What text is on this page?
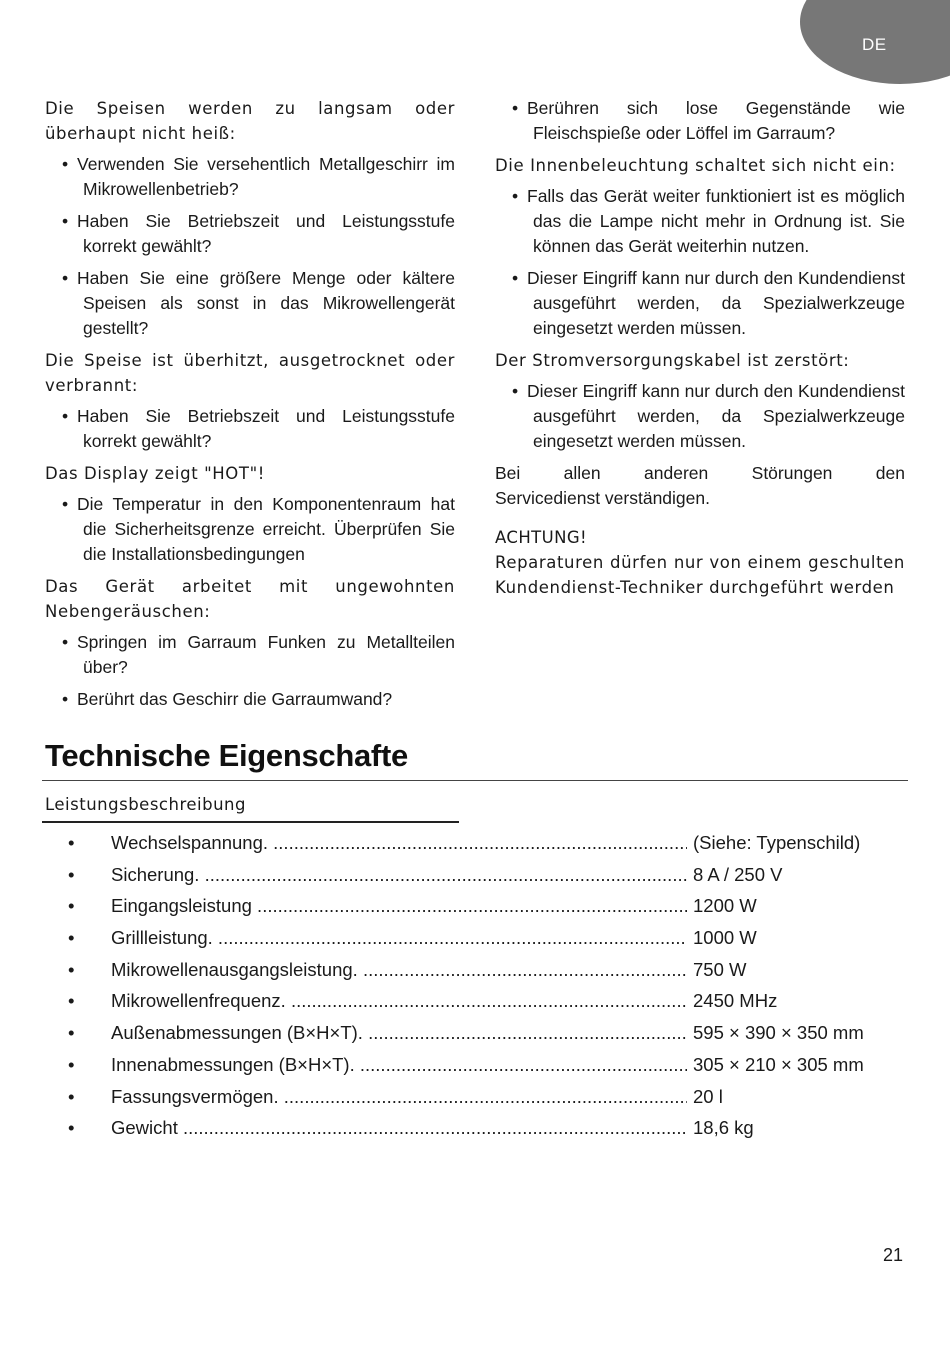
DE
Die Speisen werden zu langsam oder überhaupt nicht heiß:
• Verwenden Sie versehentlich Metallgeschirr im Mikrowellenbetrieb?
• Haben Sie Betriebszeit und Leistungsstufe korrekt gewählt?
• Haben Sie eine größere Menge oder kältere Speisen als sonst in das Mikrowellengerät gestellt?
Die Speise ist überhitzt, ausgetrocknet oder verbrannt:
• Haben Sie Betriebszeit und Leistungsstufe korrekt gewählt?
Das Display zeigt "HOT"!
• Die Temperatur in den Komponentenraum hat die Sicherheitsgrenze erreicht. Überprüfen Sie die Installationsbedingungen
Das Gerät arbeitet mit ungewohnten Nebengeräuschen:
• Springen im Garraum Funken zu Metallteilen über?
• Berührt das Geschirr die Garraumwand?
• Berühren sich lose Gegenstände wie Fleischspieße oder Löffel im Garraum?
Die Innenbeleuchtung schaltet sich nicht ein:
• Falls das Gerät weiter funktioniert ist es möglich das die Lampe nicht mehr in Ordnung ist. Sie können das Gerät weiterhin nutzen.
• Dieser Eingriff kann nur durch den Kundendienst ausgeführt werden, da Spezialwerkzeuge eingesetzt werden müssen.
Der Stromversorgungskabel ist zerstört:
• Dieser Eingriff kann nur durch den Kundendienst ausgeführt werden, da Spezialwerkzeuge eingesetzt werden müssen.
Bei allen anderen Störungen den
Servicedienst verständigen.
ACHTUNG!
Reparaturen dürfen nur von einem geschulten Kundendienst-Techniker durchgeführt werden
Technische Eigenschafte
Leistungsbeschreibung
• Wechselspannung. .....	(Siehe: Typenschild)
• Sicherung. .....	8 A / 250 V
• Eingangsleistung .....	1200 W
• Grillleistung. .....	1000 W
• Mikrowellenausgangsleistung. .....	750 W
• Mikrowellenfrequenz. .....	2450 MHz
• Außenabmessungen (B×H×T). .....	595 × 390 × 350 mm
• Innenabmessungen (B×H×T). .....	305 × 210 × 305 mm
• Fassungsvermögen. .....	20 l
• Gewicht .....	18,6 kg
21
